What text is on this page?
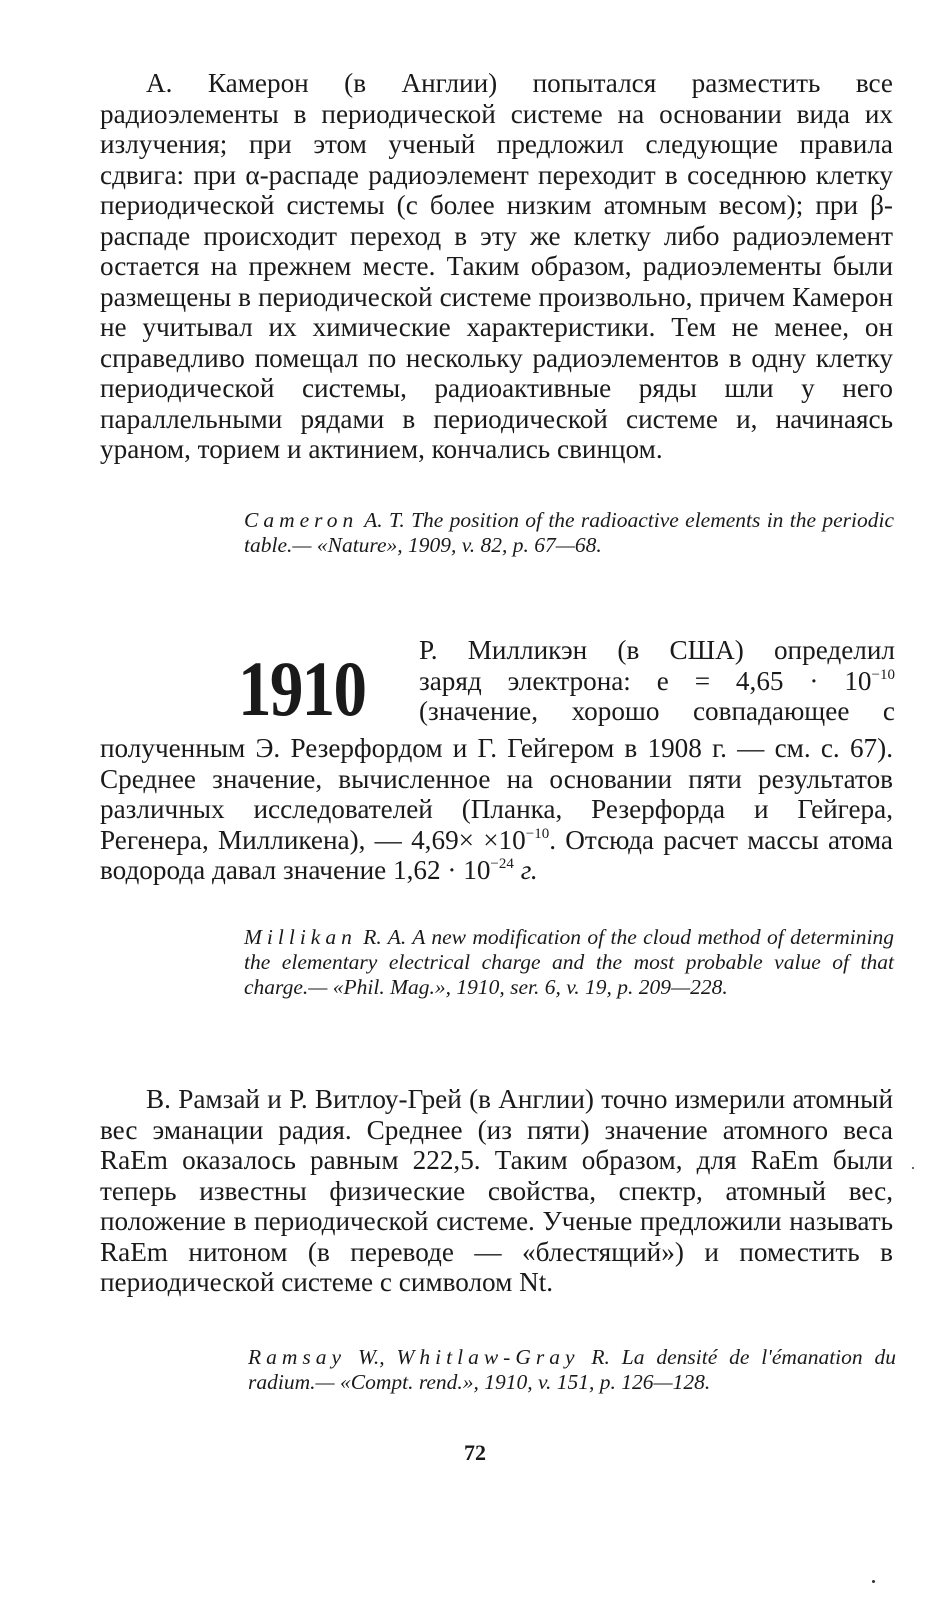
А. Камерон (в Англии) попытался разместить все радиоэлементы в периодической системе на основании вида их излучения; при этом ученый предложил следующие правила сдвига: при α-распаде радиоэлемент переходит в соседнюю клетку периодической системы (с более низким атомным весом); при β-распаде происходит переход в эту же клетку либо радиоэлемент остается на прежнем месте. Таким образом, радиоэлементы были размещены в периодической системе произвольно, причем Камерон не учитывал их химические характеристики. Тем не менее, он справедливо помещал по нескольку радиоэлементов в одну клетку периодической системы, радиоактивные ряды шли у него параллельными рядами в периодической системе и, начинаясь ураном, торием и актинием, кончались свинцом.

Cameron A. T. The position of the radioactive elements in the periodic table.— «Nature», 1909, v. 82, p. 67—68.

1910 Р. Милликэн (в США) определил
заряд электрона: $e = 4,65 \cdot 10^{-10}$
(значение, хорошо совпадающее с

полученным Э. Резерфордом и Г. Гейгером в 1908 г. — см. с. 67). Среднее значение, вычисленное на основании пяти результатов различных исследователей (Планка, Резерфорда и Гейгера, Регенера, Милликена), — $4,69\times \times 10^{-10}$. Отсюда расчет массы атома водорода давал значение $1,62 \cdot 10^{-24}$ г.

Millikan R. A. A new modification of the cloud method of determining the elementary electrical charge and the most probable value of that charge.— «Phil. Mag.», 1910, ser. 6, v. 19, p. 209—228.

В. Рамзай и Р. Витлоу-Грей (в Англии) точно измерили атомный вес эманации радия. Среднее (из пяти) значение атомного веса RaEm оказалось равным 222,5. Таким образом, для RaEm были теперь известны физические свойства, спектр, атомный вес, положение в периодической системе. Ученые предложили называть RaEm нитоном (в переводе — «блестящий») и поместить в периодической системе с символом Nt.

Ramsay W., Whitlaw-Gray R. La densité de l'émanation du radium.— «Compt. rend.», 1910, v. 151, p. 126—128.

72
